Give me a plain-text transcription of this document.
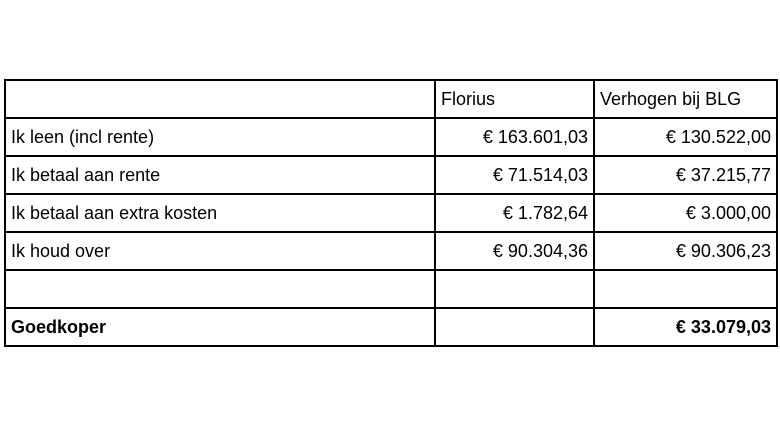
	Florius	Verhogen bij BLG
Ik leen (incl rente)	€ 163.601,03	€ 130.522,00
Ik betaal aan rente	€ 71.514,03	€ 37.215,77
Ik betaal aan extra kosten	€ 1.782,64	€ 3.000,00
Ik houd over	€ 90.304,36	€ 90.306,23

Goedkoper		€ 33.079,03
